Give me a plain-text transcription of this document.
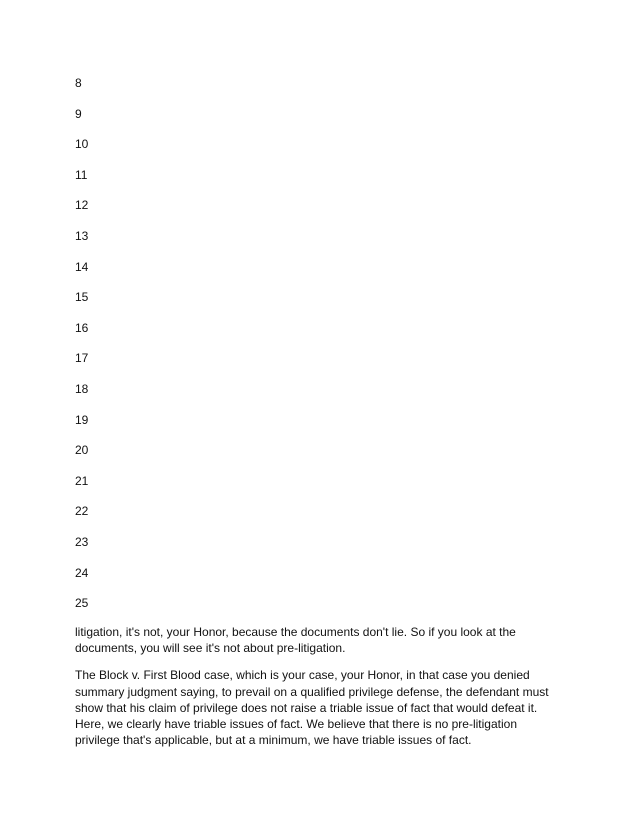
8
9
10
11
12
13
14
15
16
17
18
19
20
21
22
23
24
25

litigation, it's not, your Honor, because the documents don't lie. So if you look at the documents, you will see it's not about pre-litigation.

The Block v. First Blood case, which is your case, your Honor, in that case you denied summary judgment saying, to prevail on a qualified privilege defense, the defendant must show that his claim of privilege does not raise a triable issue of fact that would defeat it. Here, we clearly have triable issues of fact. We believe that there is no pre-litigation privilege that's applicable, but at a minimum, we have triable issues of fact.
